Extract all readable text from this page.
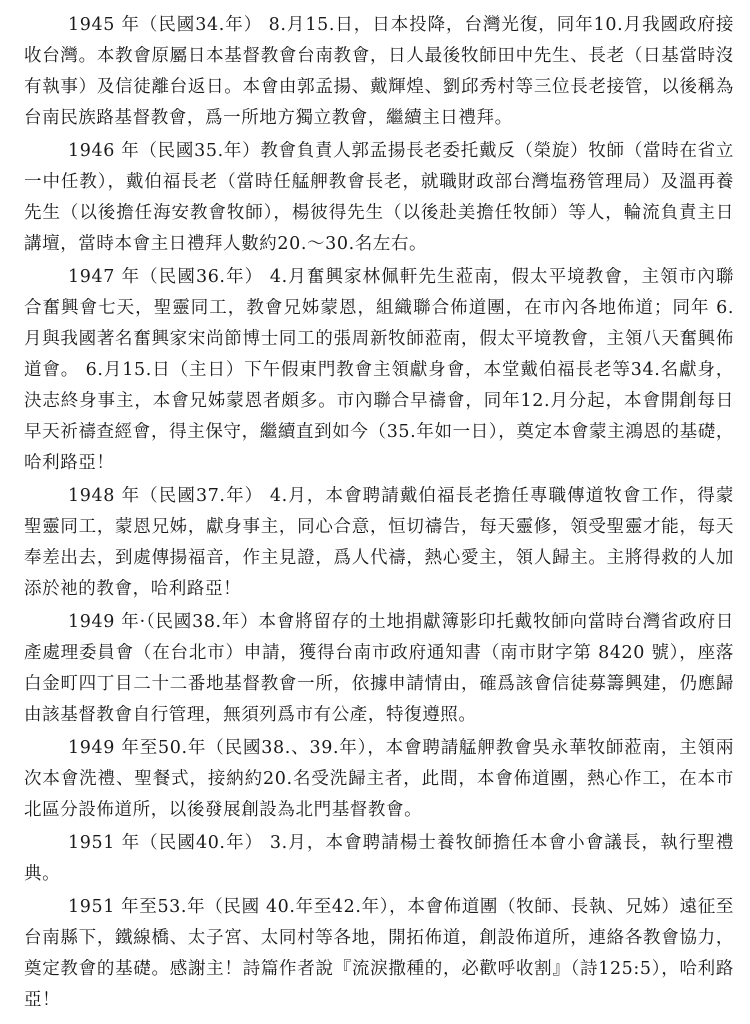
1945 年（民國34.年） 8.月15.日，日本投降，台灣光復，同年10.月我國政府接收台灣。本教會原屬日本基督教會台南教會，日人最後牧師田中先生、長老（日基當時沒有執事）及信徒離台返日。本會由郭孟揚、戴輝煌、劉邱秀村等三位長老接管，以後稱為台南民族路基督教會，爲一所地方獨立教會，繼續主日禮拜。

1946 年（民國35.年）教會負責人郭孟揚長老委托戴反（榮旋）牧師（當時在省立一中任教），戴伯福長老（當時任艋舺教會長老，就職財政部台灣塩務管理局）及溫再養先生（以後擔任海安教會牧師），楊彼得先生（以後赴美擔任牧師）等人，輪流負責主日講壇，當時本會主日禮拜人數約20.～30.名左右。

1947 年（民國36.年） 4.月奮興家林佩軒先生蒞南，假太平境教會，主領市內聯合奮興會七天，聖靈同工，教會兄姊蒙恩，組織聯合佈道團，在市內各地佈道；同年 6.月與我國著名奮興家宋尚節博士同工的張周新牧師蒞南，假太平境教會，主領八天奮興佈道會。 6.月15.日（主日）下午假東門教會主領獻身會，本堂戴伯福長老等34.名獻身，決志終身事主，本會兄姊蒙恩者頗多。市內聯合早禱會，同年12.月分起，本會開創每日早天祈禱查經會，得主保守，繼續直到如今（35.年如一日），奠定本會蒙主鴻恩的基礎，哈利路亞！

1948 年（民國37.年） 4.月，本會聘請戴伯福長老擔任專職傳道牧會工作，得蒙聖靈同工，蒙恩兄姊，獻身事主，同心合意，恒切禱告，每天靈修，領受聖靈才能，每天奉差出去，到處傳揚福音，作主見證，爲人代禱，熱心愛主，領人歸主。主將得救的人加添於祂的教會，哈利路亞！

1949 年·（民國38.年）本會將留存的土地捐獻簿影印托戴牧師向當時台灣省政府日產處理委員會（在台北市）申請，獲得台南市政府通知書（南市財字第 8420 號），座落白金町四丁目二十二番地基督教會一所，依據申請情由，確爲該會信徒募籌興建，仍應歸由該基督教會自行管理，無須列爲市有公產，特復遵照。

1949 年至50.年（民國38.、39.年），本會聘請艋舺教會吳永華牧師蒞南，主領兩次本會洗禮、聖餐式，接納約20.名受洗歸主者，此間，本會佈道團，熱心作工，在本市北區分設佈道所，以後發展創設為北門基督教會。

1951 年（民國40.年） 3.月，本會聘請楊士養牧師擔任本會小會議長，執行聖禮典。

1951 年至53.年（民國 40.年至42.年），本會佈道團（牧師、長執、兄姊）遠征至台南縣下，鐵線橋、太子宮、太同村等各地，開拓佈道，創設佈道所，連絡各教會協力，奠定教會的基礎。感謝主！詩篇作者說『流淚撒種的，必歡呼收割』（詩125:5），哈利路亞！
